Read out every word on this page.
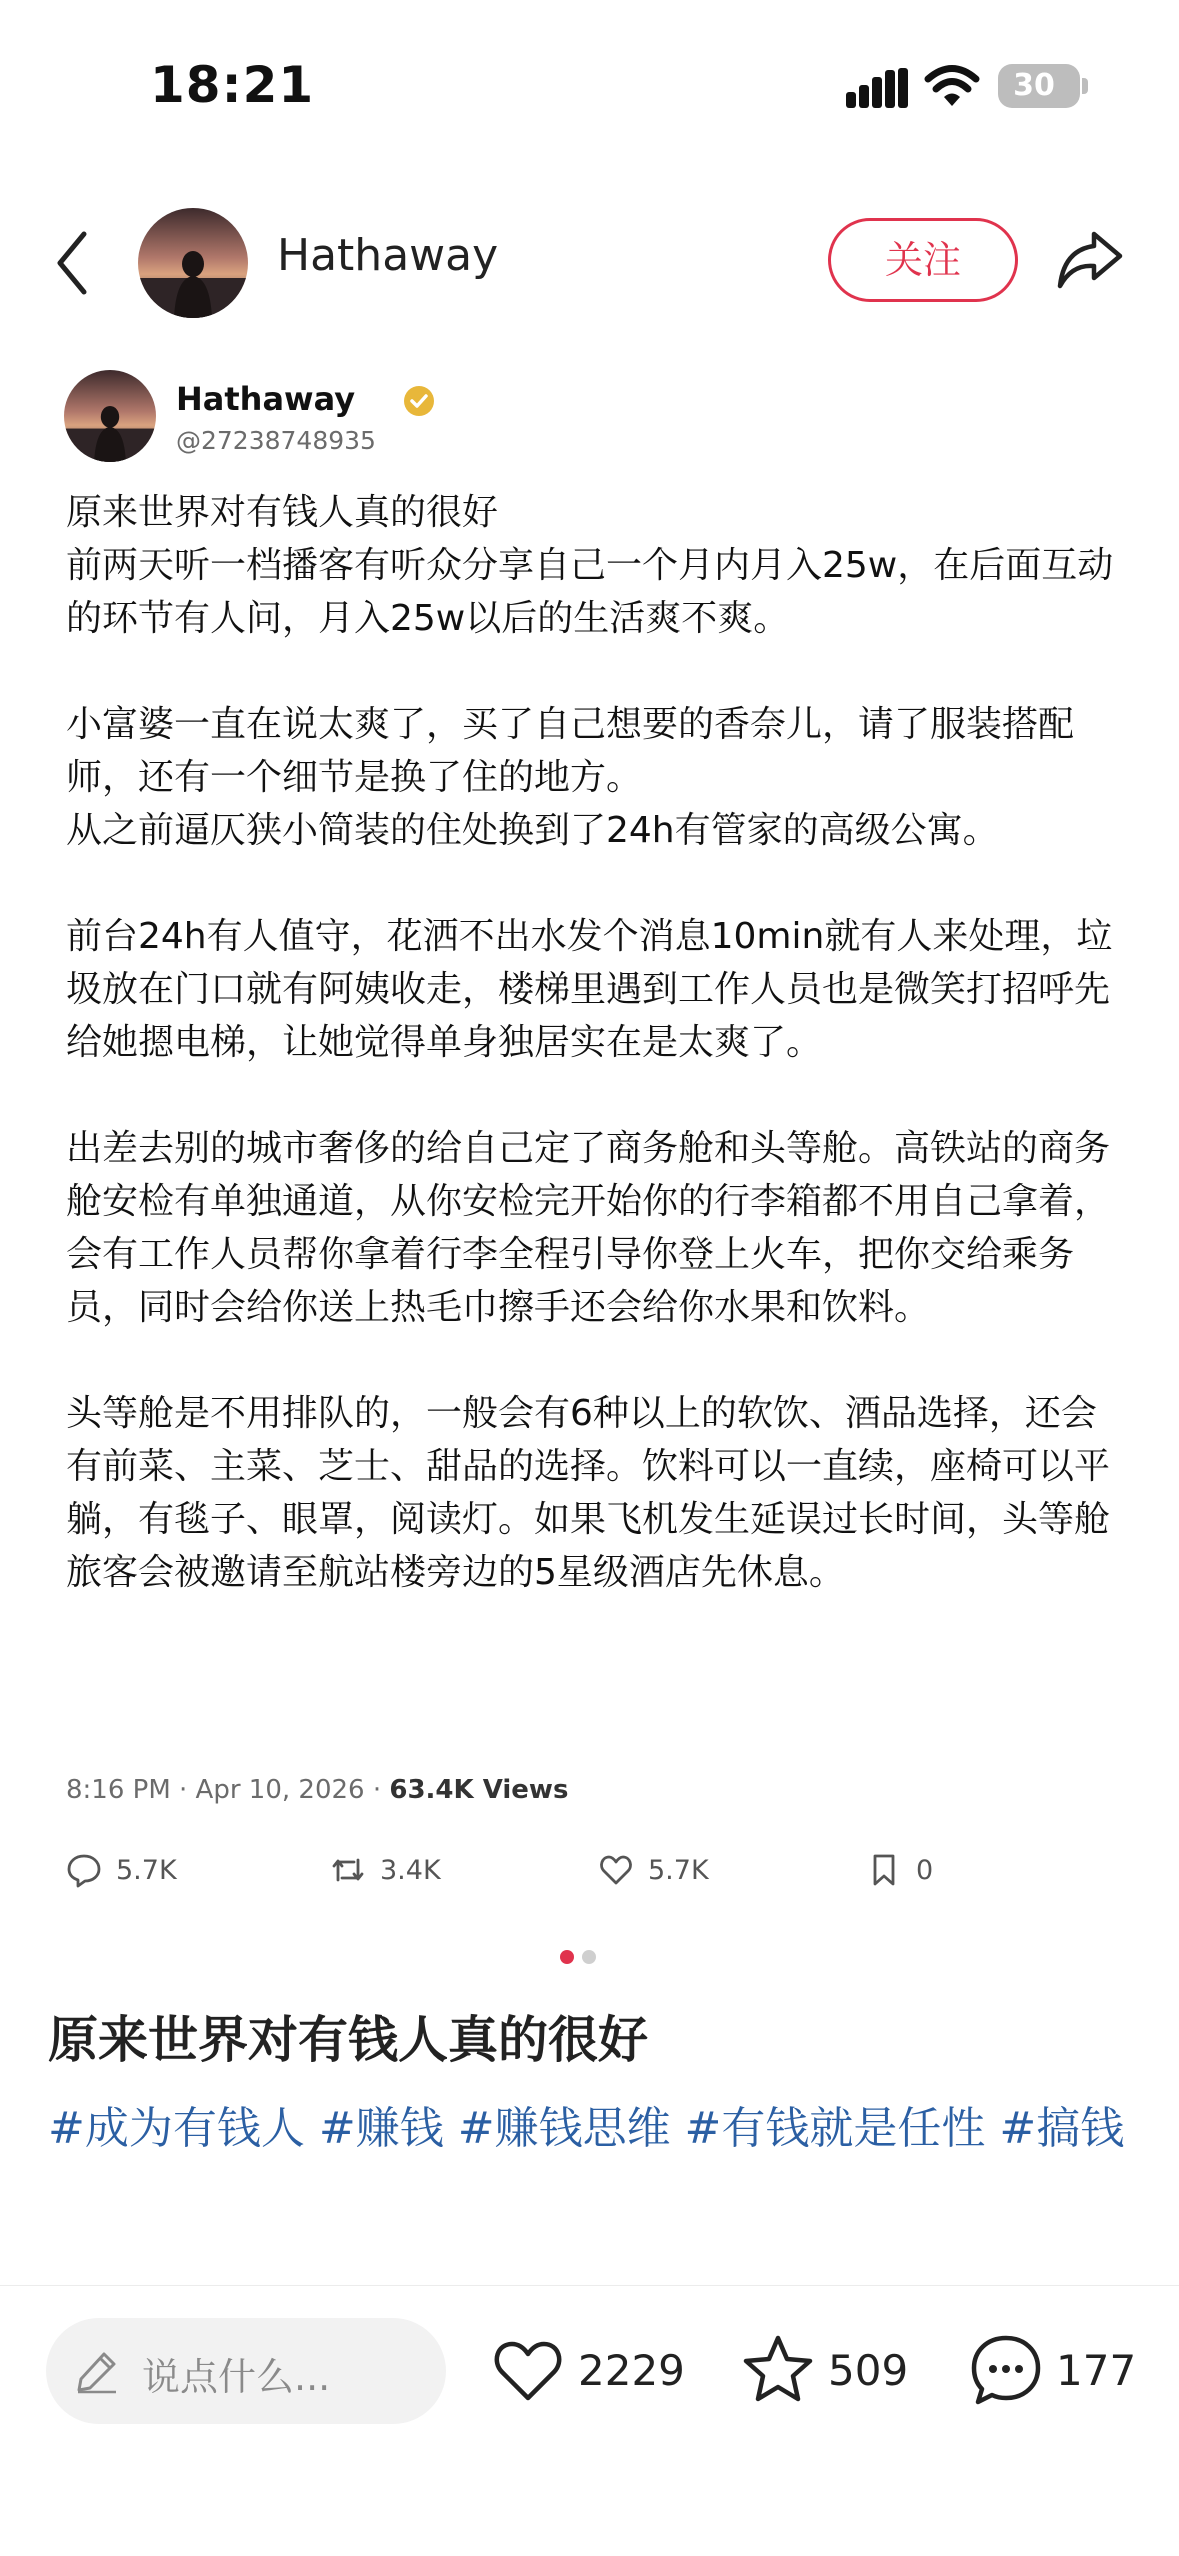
18:21	30
Hathaway	关注
Hathaway
@27238748935
原来世界对有钱人真的很好
前两天听一档播客有听众分享自己一个月内月入25w，在后面互动的环节有人问，月入25w以后的生活爽不爽。

小富婆一直在说太爽了，买了自己想要的香奈儿，请了服装搭配师，还有一个细节是换了住的地方。
从之前逼仄狭小简装的住处换到了24h有管家的高级公寓。

前台24h有人值守，花洒不出水发个消息10min就有人来处理，垃圾放在门口就有阿姨收走，楼梯里遇到工作人员也是微笑打招呼先给她摁电梯，让她觉得单身独居实在是太爽了。

出差去别的城市奢侈的给自己定了商务舱和头等舱。高铁站的商务舱安检有单独通道，从你安检完开始你的行李箱都不用自己拿着，会有工作人员帮你拿着行李全程引导你登上火车，把你交给乘务员，同时会给你送上热毛巾擦手还会给你水果和饮料。

头等舱是不用排队的，一般会有6种以上的软饮、酒品选择，还会有前菜、主菜、芝士、甜品的选择。饮料可以一直续，座椅可以平躺，有毯子、眼罩，阅读灯。如果飞机发生延误过长时间，头等舱旅客会被邀请至航站楼旁边的5星级酒店先休息。
8:16 PM · Apr 10, 2026 · 63.4K Views
5.7K	3.4K	5.7K	0
原来世界对有钱人真的很好
#成为有钱人 #赚钱 #赚钱思维 #有钱就是任性 #搞钱
说点什么...	2229	509	177
